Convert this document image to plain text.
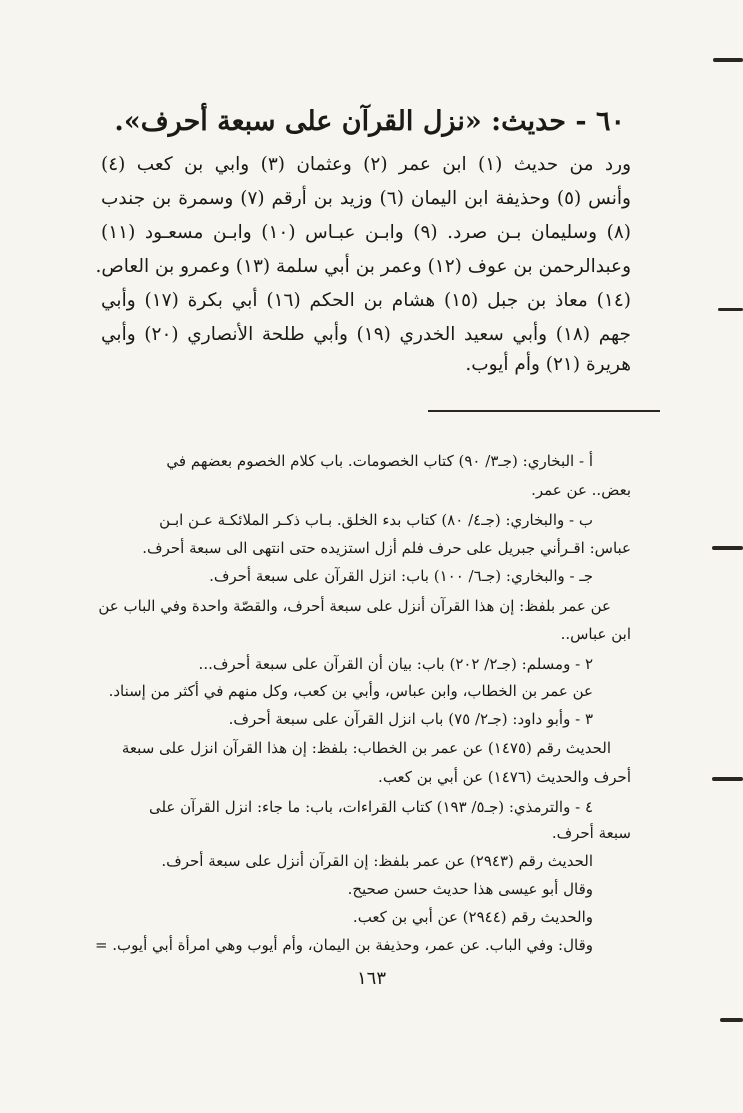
٦٠ - حديث: «نزل القرآن على سبعة أحرف».
ورد من حديث (١) ابن عمر (٢) وعثمان (٣) وابي بن كعب (٤)
وأنس (٥) وحذيفة ابن اليمان (٦) وزيد بن أرقم (٧) وسمرة بن جندب
(٨) وسليمان بـن صرد. (٩) وابـن عبـاس (١٠) وابـن مسعـود (١١)
وعبدالرحمن بن عوف (١٢) وعمر بن أبي سلمة (١٣) وعمرو بن العاص.
(١٤) معاذ بن جبل (١٥) هشام بن الحكم (١٦) أبي بكرة (١٧) وأبي
جهم (١٨) وأبي سعيد الخدري (١٩) وأبي طلحة الأنصاري (٢٠) وأبي
هريرة (٢١) وأم أيوب.
أ - البخاري: (جـ٣/ ٩٠) كتاب الخصومات. باب كلام الخصوم بعضهم في
بعض.. عن عمر.
ب - والبخاري: (جـ٤/ ٨٠) كتاب بدء الخلق. بـاب ذكـر الملائكـة عـن ابـن
عباس: اقـرأني جبريل على حرف فلم أزل استزيده حتى انتهى الى سبعة أحرف.
جـ - والبخاري: (جـ٦/ ١٠٠) باب: انزل القرآن على سبعة أحرف.
عن عمر بلفظ: إن هذا القرآن أنزل على سبعة أحرف، والقصّة واحدة وفي الباب عن
ابن عباس..
٢ - ومسلم: (جـ٢/ ٢٠٢) باب: بيان أن القرآن على سبعة أحرف...
عن عمر بن الخطاب، وابن عباس، وأبي بن كعب، وكل منهم في أكثر من إسناد.
٣ - وأبو داود: (جـ٢/ ٧٥) باب انزل القرآن على سبعة أحرف.
الحديث رقم (١٤٧٥) عن عمر بن الخطاب: بلفظ: إن هذا القرآن انزل على سبعة
أحرف والحديث (١٤٧٦) عن أبي بن كعب.
٤ - والترمذي: (جـ٥/ ١٩٣) كتاب القراءات، باب: ما جاء: انزل القرآن على
سبعة أحرف.
الحديث رقم (٢٩٤٣) عن عمر بلفظ: إن القرآن أنزل على سبعة أحرف.
وقال أبو عيسى هذا حديث حسن صحيح.
والحديث رقم (٢٩٤٤) عن أبي بن كعب.
وقال: وفي الباب. عن عمر، وحذيفة بن اليمان، وأم أيوب وهي امرأة أبي أيوب. =
١٦٣
